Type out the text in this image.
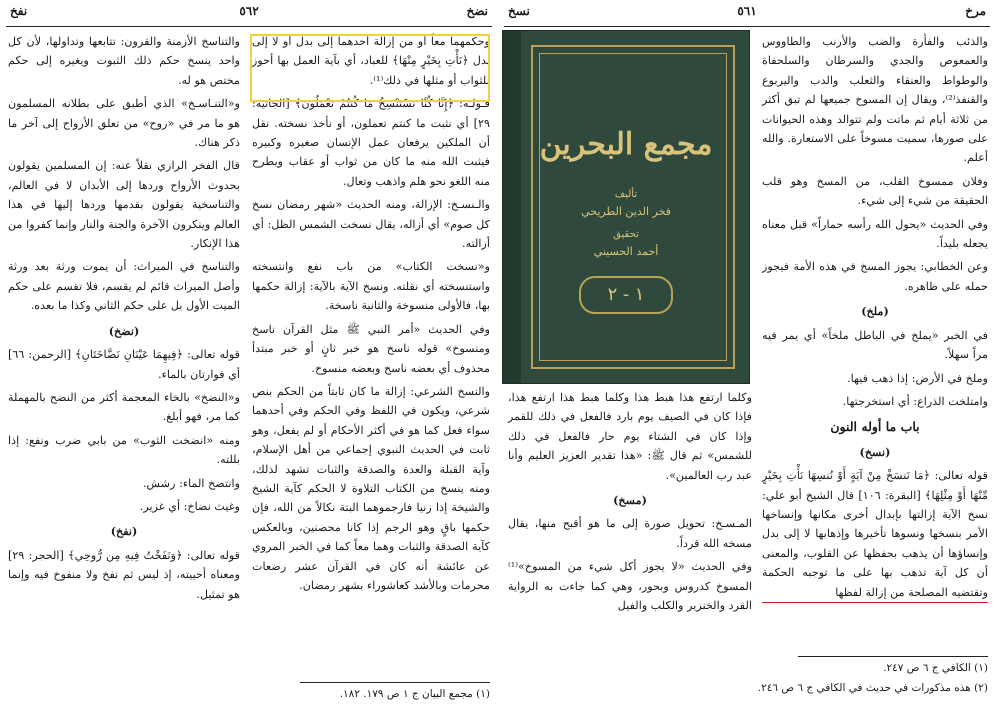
نضخ
٥٦٢
نفخ

وحكمهما معاً أو من إزالة أحدهما إلى بدل أو لا إلى بدل ﴿نَأْتِ بِخَيْرٍ مِنْهَا﴾ للعباد، أي بآية العمل بها أحوز للثواب أو مثلها في ذلك⁽¹⁾.

قـولـه: ﴿إِنَّا كُنَّا نَسْتَنْسِخُ مَا كُنتُمْ تَعْمَلُونَ﴾ [الجاثية: ٢٩] أي نثبت ما كنتم تعملون، أو نأخذ نسخته. نقل أن الملكين يرفعان عمل الإنسان صغيره وكبيره فيثبت الله منه ما كان من ثواب أو عقاب ويطرح منه اللغو نحو هلم واذهب وتعال.

والـنسـخ: الإزالة، ومنه الحديث «شهر رمضان نسخ كل صوم» أي أزاله، يقال نسخت الشمس الظل: أي أزالته.

و«نسخت الكتاب» من باب نفع وانتسخته واستنسخته أي نقلته. ونسخ الآية بالآية: إزالة حكمها بها، فالأولى منسوخة والثانية ناسخة.

وفي الحديث «أمر النبي ﷺ مثل القرآن ناسخ ومنسوخ» قوله ناسخ هو خبر ثانٍ أو خبر مبتدأ محذوف أي بعضه ناسخ وبعضه منسوخ.

والنسخ الشرعي: إزالة ما كان ثابتاً من الحكم بنص شرعي، ويكون في اللفظ وفي الحكم وفي أحدهما سواء فعل كما هو في أكثر الأحكام أو لم يفعل، وهو ثابت في الحديث النبوي إجماعي من أهل الإسلام، وآية القبلة والعدة والصدقة والثبات تشهد لذلك، ومنه ينسخ من الكتاب التلاوة لا الحكم كآية الشيخ والشيخة إذا زنيا فارجموهما البتة نكالاً من الله، فإن حكمها باقٍ وهو الرجم إذا كانا محصنين، وبالعكس كآية الصدقة والثبات وهما معاً كما في الخبر المروي عن عائشة أنه كان في القرآن عشر رضعات محرمات وبالأشد كعاشوراء بشهر رمضان.

والتناسخ الأزمنة والقرون: تتابعها وتداولها، لأن كل واحد ينسخ حكم ذلك الثبوت ويغيره إلى حكم مختص هو له.

و«التنـاسـخ» الذي أطبق على بطلانه المسلمون هو ما مر في «روح» من تعلق الأرواح إلى آخر ما ذكر هناك.

قال الفخر الرازي نقلاً عنه: إن المسلمين يقولون بحدوث الأرواح وردها إلى الأبدان لا في العالم، والتناسخية يقولون بقدمها وردها إليها في هذا العالم وينكرون الآخرة والجنة والنار وإنما كفروا من هذا الإنكار.

والتناسخ في الميراث: أن يموت ورثة بعد ورثة وأصل الميراث قائم لم يقسم، فلا تقسم على حكم الميت الأول بل على حكم الثاني وكذا ما بعده.

(نضخ)

قوله تعالى: ﴿فِيهِمَا عَيْنَانِ نَضَّاخَتَانِ﴾ [الرحمن: ٦٦] أي فوارتان بالماء.

و«النضخ» بالخاء المعجمة أكثر من النضح بالمهملة كما مر، فهو أبلغ.

ومنه «انضخت الثوب» من بابي ضرب ونفع: إذا بللته.

وانتضخ الماء: رشش.

وغيث نضاخ: أي غزير.

(نفخ)

قوله تعالى: ﴿وَنَفَخْتُ فِيهِ مِن رُّوحِي﴾ [الحجر: ٢٩] ومعناه أحييته، إذ ليس ثم نفخ ولا منفوخ فيه وإنما هو تمثيل.

(١) مجمع البيان ج ١ ص ١٧٩. ١٨٢.
مرخ
٥٦١
نسخ

والذئب والفأرة والضب والأرنب والطاووس والعمعوص والجدي والسرطان والسلحفاة والوطواط والعنقاء والثعلب والدب واليربوع والقنفذ⁽²⁾، ويقال إن المسوخ جميعها لم تبق أكثر من ثلاثة أيام ثم ماتت ولم تتوالد وهذه الحيوانات على صورها، سميت مسوخاً على الاستعارة. والله أعلم.

وفلان ممسوخ القلب، من المسخ وهو قلب الحقيقة من شيء إلى شيء.

وفي الحديث «يحول الله رأسه حماراً» قبل معناه يجعله بليداً.

وعن الخطابي: يجوز المسخ في هذه الأمة فيجوز حمله على ظاهره.

(ملخ)

في الخبر «يملخ في الباطل ملخاً» أي يمر فيه مراً سهلاً.

وملخ في الأرض: إذا ذهب فيها.

وامتلخت الذراع: أي استخرجتها.

باب ما أوله النون
(نسخ)

قوله تعالى: ﴿مَا نَنسَخْ مِنْ آيَةٍ أَوْ نُنسِهَا نَأْتِ بِخَيْرٍ مِّنْهَا أَوْ مِثْلِهَا﴾ [البقرة: ١٠٦] قال الشيخ أبو علي: نسخ الآية إزالتها بإبدال أخرى مكانها وإنساخها الأمر بنسخها ونسوها تأخيرها وإذهابها لا إلى بدل وإنساؤها أن يذهب بحفظها عن القلوب، والمعنى أن كل آية تذهب بها على ما توجبه الحكمة وتقتضيه المصلحة من إزالة لفظها

مجمع البحرين
تأليف
فخر الدين الطريحي
تحقيق
أحمد الحسيني
١ - ٢

وكلما ارتفع هذا هبط هذا وكلما هبط هذا ارتفع هذا، فإذا كان في الصيف يوم بارد فالفعل في ذلك للقمر وإذا كان في الشتاء يوم حار فالفعل في ذلك للشمس» ثم قال ﷺ: «هذا تقدير العزيز العليم وأنا عبد رب العالمين».

(مسخ)

المـسـخ: تحويل صورة إلى ما هو أقبح منها، يقال مسخه الله قرداً.

وفي الحديث «لا يجوز أكل شيء من المسوخ»⁽¹⁾ المسوخ كدروس وبحور، وهي كما جاءت به الرواية القرد والخنزير والكلب والفيل

(١) الكافي ج ٦ ص ٢٤٧.
(٢) هذه مذكورات في حديث في الكافي ج ٦ ص ٢٤٦.
